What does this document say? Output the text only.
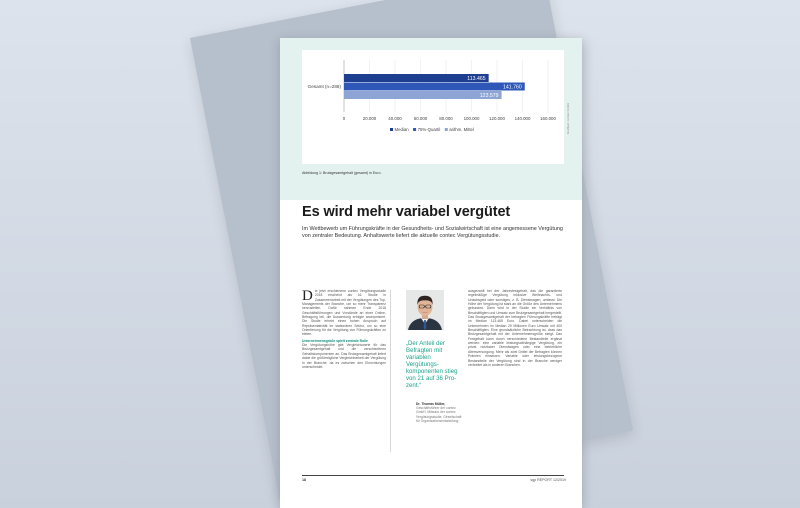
0	20.000	40.000	60.000	80.000 100.000 120.000 140.000 160.000
113.465
141.760
123.579
Gesamt (n=288)
Median 75%-Quartil arithm. Mittel	Grafiken: contec GmbH
Abbildung 1: Brutzgesamtgehalt (gesamt) in Euro.
Es wird mehr variabel vergütet
Im Wettbewerb um Führungskräfte in der Gesundheits- und Sozialwirtschaft ist eine angemessene Vergütung von zentraler Bedeutung. Anhaltswerte liefert die aktuelle contec Vergütungsstudie.
D ie jetzt erschienene contec Vergütungsstudie 2018 erscheint als 16. Studie in Zusammenarbeit mit der Vergütungen des Top-Managements der Branche, um so mehr Transparenz herzustellen. Dafür nahmen Ende 2018 Geschäftsführungen und Vorstände an einer Online-Befragung teil, die Auswertung erfolgte anonymisiert. Die Studie erhebt einen hohen Anspruch auf Repräsentativität im stationären Sektor, um so eine Orientierung für die Vergütung von Führungskräften zu bieten.
Unternehmensgröße spielt zentrale Rolle
Die Vergütungshöhe gibt Vergleichswerte für das Brutzgesamtgehalt und die verschiedenen Gehaltskomponenten an. Das Brutzgesamtgehalt liefert dabei die größtmögliche Vergleichbarkeit der Vergütung in der Branche, da es zwischen den Einrichtungen unterscheidet.
„Der Anteil der Befragten mit variablen Vergütungskomponenten stieg von 21 auf 36 Prozent.“
Dr. Thomas Müller, Geschäftsführer der contec GmbH, Mitautor der contec Vergütungsstudie, Gesellschaft für Organisationsentwicklung
ausgezahlt bei der Jahresfestgehalt, das die garantierte regelmäßige Vergütung inklusive Weihnachts- und Urlaubsgeld oder sonstiges, z. B. Dienstwagen, umfasst. Die Höhe der Vergütung ist stark an die Größe des Unternehmens gebunden. Dann wird in der Studie ein Verhältnis von Beschäftigten und Umsatz zum Brutzgesamtgehalt hergestellt. Das Brutzgesamtgehalt der befragten Führungskräfte beträgt im Median 113.465 Euro. Dabei unterscheiden die Unternehmen im Median 29 Millionen Euro Umsatz mit 400 Beschäftigten. Eine grundsätzliche Betrachtung ist, dass das Brutzgesamtgehalt mit der Unternehmensgröße steigt. Das Festgehalt kann durch verschiedene Bestandteile ergänzt werden: eine variable leistungsabhängige Vergütung, ein privat nutzbarer Dienstwagen oder eine betriebliche Altersversorgung. Mehr als zwei Drittel der Befragten können Prämien einsetzen. Variable oder leistungsbezogene Bestandteile der Vergütung sind in der Branche weniger verbreitet als in anderen Branchen.
18	sgp REPORT 12/2019
